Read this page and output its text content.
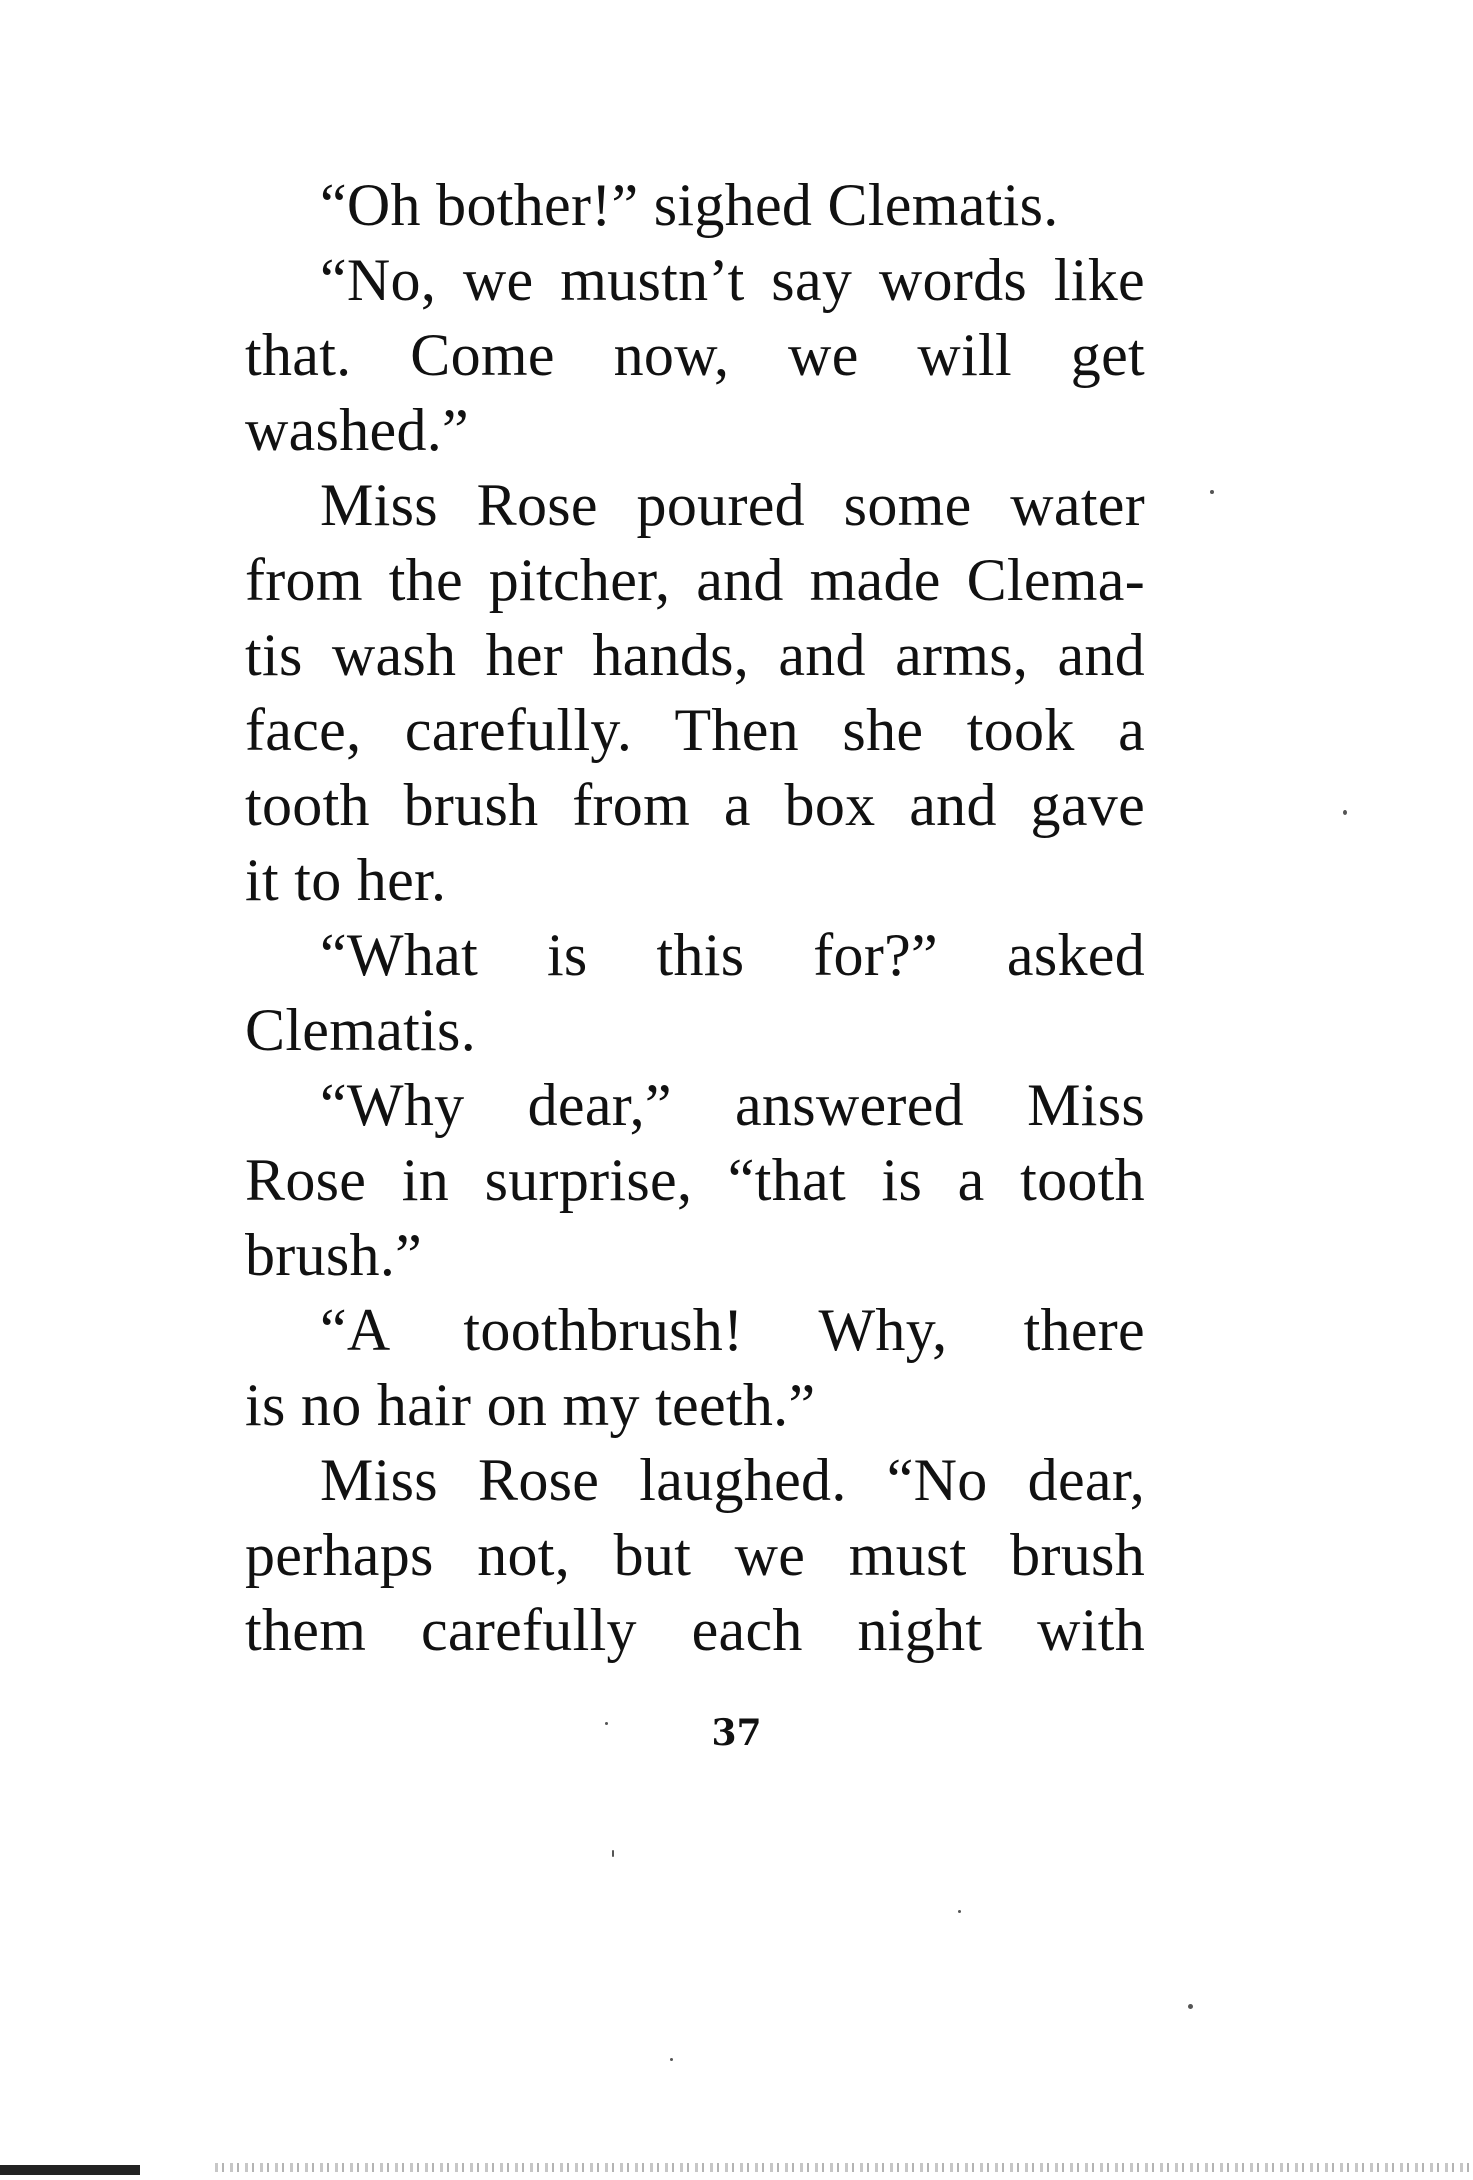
“Oh bother!” sighed Clematis.
“No, we mustn’t say words like
that. Come now, we will get
washed.”
Miss Rose poured some water
from the pitcher, and made Clema-
tis wash her hands, and arms, and
face, carefully. Then she took a
tooth brush from a box and gave
it to her.
“What is this for?” asked
Clematis.
“Why dear,” answered Miss
Rose in surprise, “that is a tooth
brush.”
“A toothbrush! Why, there
is no hair on my teeth.”
Miss Rose laughed. “No dear,
perhaps not, but we must brush
them carefully each night with
37
